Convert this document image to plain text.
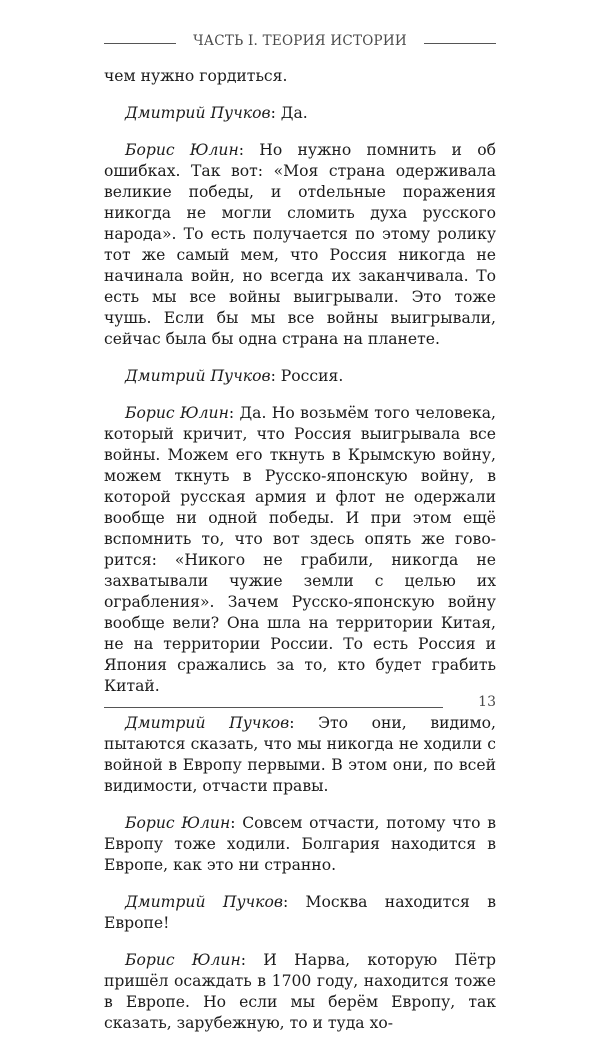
ЧАСТЬ I. ТЕОРИЯ ИСТОРИИ

чем нужно гордиться.

Дмитрий Пучков: Да.

Борис Юлин: Но нужно помнить и об ошибках. Так вот: «Моя страна одерживала великие победы, и отdельные поражения никогда не могли сломить духа русского народа». То есть получается по этому ролику тот же самый мем, что Россия никогда не начинала войн, но всегда их заканчивала. То есть мы все войны выигрывали. Это тоже чушь. Если бы мы все войны выигрывали, сейчас была бы одна страна на планете.

Дмитрий Пучков: Россия.

Борис Юлин: Да. Но возьмём того человека, который кричит, что Россия выигрывала все войны. Можем его ткнуть в Крымскую войну, можем ткнуть в Русско-японскую войну, в которой русская армия и флот не одержали вообще ни одной победы. И при этом ещё вспомнить то, что вот здесь опять же говорится: «Никого не грабили, никогда не захватывали чужие земли с целью их ограбления». Зачем Русско-японскую войну вообще вели? Она шла на территории Китая, не на территории России. То есть Россия и Япония сражались за то, кто будет грабить Китай.

Дмитрий Пучков: Это они, видимо, пытаются сказать, что мы никогда не ходили с войной в Европу первыми. В этом они, по всей видимости, отчасти правы.

Борис Юлин: Совсем отчасти, потому что в Европу тоже ходили. Болгария находится в Европе, как это ни странно.

Дмитрий Пучков: Москва находится в Европе!

Борис Юлин: И Нарва, которую Пётр пришёл осаждать в 1700 году, находится тоже в Европе. Но если мы берём Европу, так сказать, зарубежную, то и туда хо-

13
